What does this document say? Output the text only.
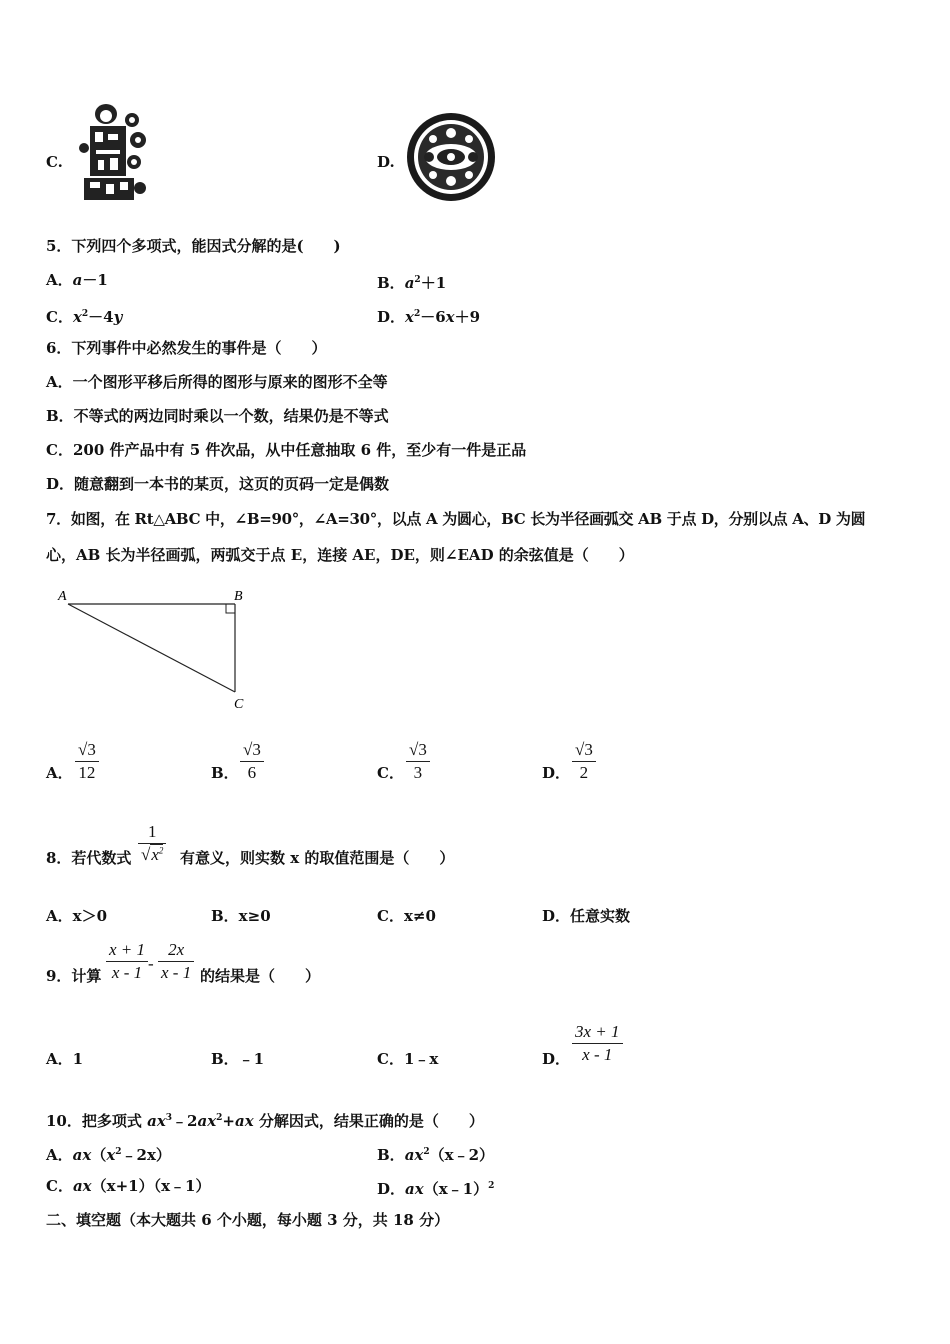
C.	D.
5．下列四个多项式，能因式分解的是(　　)
A．a－1	B．$a^2+1$
C．$x^2-4y$	D．$x^2-6x+9$
6．下列事件中必然发生的事件是（　　）
A．一个图形平移后所得的图形与原来的图形不全等
B．不等式的两边同时乘以一个数，结果仍是不等式
C．200 件产品中有 5 件次品，从中任意抽取 6 件，至少有一件是正品
D．随意翻到一本书的某页，这页的页码一定是偶数
7．如图，在 Rt△ABC 中，∠B=90°，∠A=30°，以点 A 为圆心，BC 长为半径画弧交 AB 于点 D，分别以点 A、D 为圆
心，AB 长为半径画弧，两弧交于点 E，连接 AE，DE，则∠EAD 的余弦值是（　　）
A	B
C
A．
√3
12	B．
√3
6	C．
√3
3	D．
√3
2
8．若代数式
1
$√x^2$ 有意义，则实数 x 的取值范围是（　　）
A．x＞0	B．x≥0	C．x≠0	D．任意实数
9．计算
x + 1
x - 1 -
2x
x - 1 的结果是（　　）
A．1	B．﹣1	C．1﹣x	D．
3x + 1
x - 1
10．把多项式 $ax^3﹣2ax^2+ax$ 分解因式，结果正确的是（　　）
A．$ax(x^2﹣2x)$	B．$ax^2(x﹣2)$
C．ax（x+1）（x﹣1）	D．ax（x﹣1）$^2$
二、填空题（本大题共 6 个小题，每小题 3 分，共 18 分）
